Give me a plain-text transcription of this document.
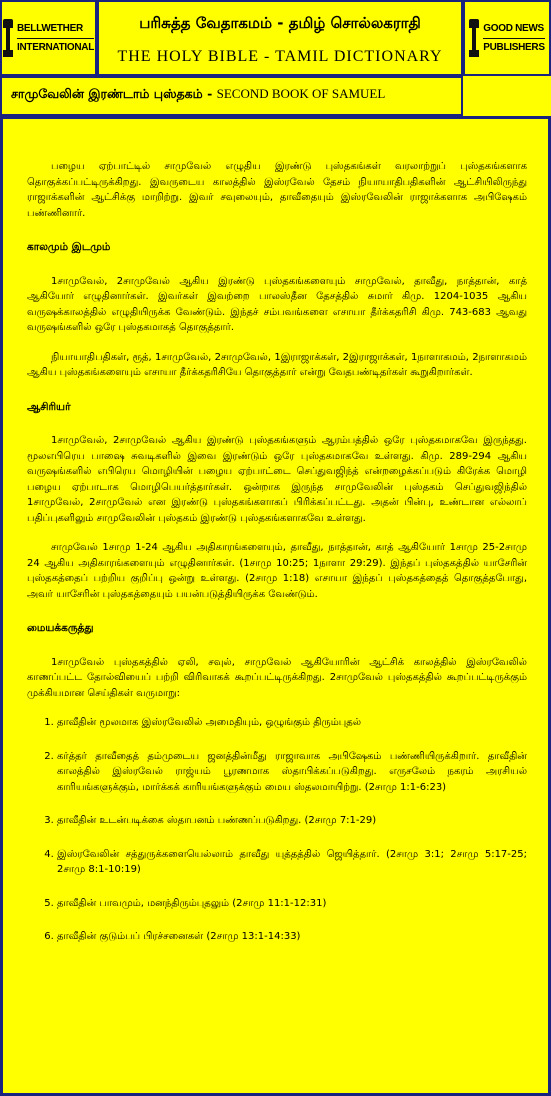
BELLWETHER
INTERNATIONAL
பரிசுத்த வேதாகமம் - தமிழ் சொல்லகராதி
THE HOLY BIBLE - TAMIL DICTIONARY
GOOD NEWS
PUBLISHERS
சாமுவேலின் இரண்டாம் புஸ்தகம் - SECOND BOOK OF SAMUEL

பழைய ஏற்பாட்டில் சாமுவேல் எழுதிய இரண்டு புஸ்தகங்கள் வரலாற்றுப் புஸ்தகங்களாக தொகுக்கப்பட்டிருக்கிறது. இவருடைய காலத்தில் இஸ்ரவேல் தேசம் நியாயாதிபதிகளின் ஆட்சியிலிருந்து ராஜாக்களின் ஆட்சிக்கு மாறிற்று. இவர் சவுலையும், தாவீதையும் இஸ்ரவேலின் ராஜாக்களாக அபிஷேகம் பண்ணினார்.

காலமும் இடமும்

1சாமுவேல், 2சாமுவேல் ஆகிய இரண்டு புஸ்தகங்களையும் சாமுவேல், தாவீது, நாத்தான், காத் ஆகியோர் எழுதினார்கள். இவர்கள் இவற்றை பாலஸ்தீன தேசத்தில் சுமார் கிமு. 1204-1035 ஆகிய வருஷக்காலத்தில் எழுதியிருக்க வேண்டும். இந்தச் சம்பவங்களை எசாயா தீர்க்கதரிசி கிமு. 743-683 ஆவது வருஷங்களில் ஒரே புஸ்தகமாகத் தொகுத்தார்.

நியாயாதிபதிகள், ரூத், 1சாமுவேல், 2சாமுவேல், 1இராஜாக்கள், 2இராஜாக்கள், 1நாளாகமம், 2நாளாகமம் ஆகிய புஸ்தகங்களையும் எசாயா தீர்க்கதரிசியே தொகுத்தார் என்று வேதபண்டிதர்கள் கூறுகிறார்கள்.

ஆசிரியர்

1சாமுவேல், 2சாமுவேல் ஆகிய இரண்டு புஸ்தகங்களும் ஆரம்பத்தில் ஒரே புஸ்தகமாகவே இருந்தது. மூலஎபிரெய பாஷை சுவடிகளில் இவை இரண்டும் ஒரே புஸ்தகமாகவே உள்ளது. கிமு. 289-294 ஆகிய வருஷங்களில் எபிரெய மொழியின் பழைய ஏற்பாட்டை செப்துவஜிந்த் என்றழைக்கப்படும் கிரேக்க மொழி பழைய ஏற்பாடாக மொழிபெயர்த்தார்கள். ஒன்றாக இருந்த சாமுவேலின் புஸ்தகம் செப்துவஜிந்தில் 1சாமுவேல், 2சாமுவேல் என இரண்டு புஸ்தகங்களாகப் பிரிக்கப்பட்டது. அதன் பின்பு, உண்டான எல்லாப் பதிப்புகளிலும் சாமுவேலின் புஸ்தகம் இரண்டு புஸ்தகங்களாகவே உள்ளது.

சாமுவேல் 1சாமு 1-24 ஆகிய அதிகாரங்களையும், தாவீது, நாத்தான், காத் ஆகியோர் 1சாமு 25-2சாமு 24 ஆகிய அதிகாரங்களையும் எழுதினார்கள். (1சாமு 10:25; 1நாளா 29:29). இந்தப் புஸ்தகத்தில் யாசேரின் புஸ்தகத்தைப் பற்றிய குறிப்பு ஒன்று உள்ளது. (2சாமு 1:18) எசாயா இந்தப் புஸ்தகத்தைத் தொகுத்தபோது, அவர் யாசேரின் புஸ்தகத்தையும் பயன்படுத்தியிருக்க வேண்டும்.

மையக்கருத்து

1சாமுவேல் புஸ்தகத்தில் ஏலி, சவுல், சாமுவேல் ஆகியோரின் ஆட்சிக் காலத்தில் இஸ்ரவேலில் காணப்பட்ட தோல்வியைப் பற்றி விரிவாகக் கூறப்பட்டிருக்கிறது. 2சாமுவேல் புஸ்தகத்தில் கூறப்பட்டிருக்கும் முக்கியமான செய்திகள் வருமாறு:

1. தாவீதின் மூலமாக இஸ்ரவேலில் அமைதியும், ஒழுங்கும் திரும்புதல்
2. கர்த்தர் தாவீதைத் தம்முடைய ஜனத்தின்மீது ராஜாவாக அபிஷேகம் பண்ணியிருக்கிறார். தாவீதின் காலத்தில் இஸ்ரவேல் ராஜ்யம் பூரணமாக ஸ்தாபிக்கப்படுகிறது. எருசலேம் நகரம் அரசியல் காரியங்களுக்கும், மார்க்கக் காரியங்களுக்கும் மைய ஸ்தலமாயிற்று. (2சாமு 1:1-6:23)
3. தாவீதின் உடன்படிக்கை ஸ்தாபனம் பண்ணப்படுகிறது. (2சாமு 7:1-29)
4. இஸ்ரவேலின் சத்துருக்களையெல்லாம் தாவீது யுத்தத்தில் ஜெயித்தார். (2சாமு 3:1; 2சாமு 5:17-25; 2சாமு 8:1-10:19)
5. தாவீதின் பாவமும், மனந்திரும்புதலும் (2சாமு 11:1-12:31)
6. தாவீதின் குடும்பப் பிரச்சனைகள் (2சாமு 13:1-14:33)
